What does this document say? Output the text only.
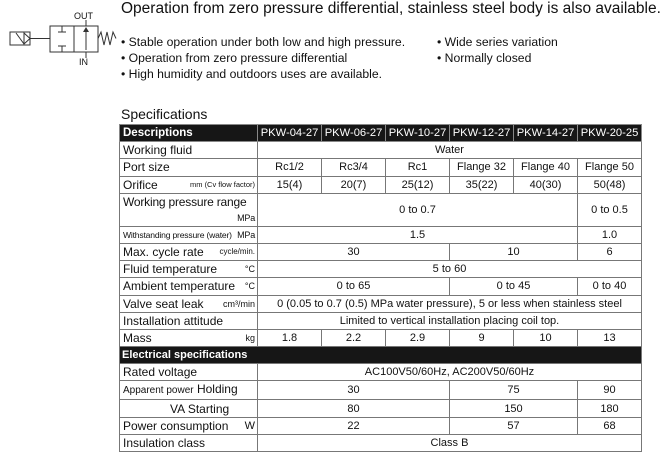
Operation from zero pressure differential, stainless steel body is also available.
OUT
IN
• Stable operation under both low and high pressure.
• Operation from zero pressure differential
• High humidity and outdoors uses are available.
• Wide series variation
• Normally closed
Specifications
Descriptions	PKW-04-27	PKW-06-27	PKW-10-27	PKW-12-27	PKW-14-27	PKW-20-25
Working fluid	Water					
Port size	Rc1/2	Rc3/4	Rc1	Flange 32	Flange 40	Flange 50
Orifice mm (Cv flow factor)	15(4)	20(7)	25(12)	35(22)	40(30)	50(48)
Working pressure range
MPa	0 to 0.7					0 to 0.5
Withstanding pressure (water) MPa	1.5					1.0
Max. cycle rate cycle/min.	30			10		6
Fluid temperature °C	5 to 60					
Ambient temperature °C	0 to 65			0 to 45		0 to 40
Valve seat leak cm³/min	0 (0.05 to 0.7 (0.5) MPa water pressure), 5 or less when stainless steel					
Installation attitude	Limited to vertical installation placing coil top.					
Mass kg	1.8	2.2	2.9	9	10	13
Electrical specifications						
Rated voltage	AC100V50/60Hz, AC200V50/60Hz					
Apparent power Holding	30			75		90
VA Starting	80			150		180
Power consumption W	22			57		68
Insulation class	Class B					
